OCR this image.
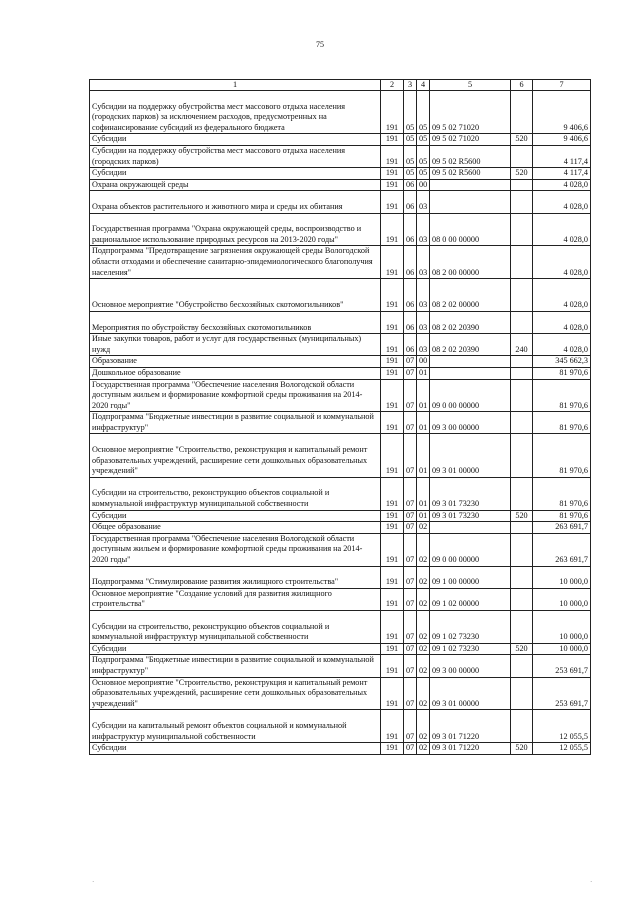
75
1	2	3	4	5	6	7
Субсидии на поддержку обустройства мест массового отдыха населения (городских парков) за исключением расходов, предусмотренных на софинансирование субсидий из федерального бюджета	191	05	05	09 5 02 71020		9 406,6
Субсидии	191	05	05	09 5 02 71020	520	9 406,6
Субсидии на поддержку обустройства мест массового отдыха населения (городских парков)	191	05	05	09 5 02 R5600		4 117,4
Субсидии	191	05	05	09 5 02 R5600	520	4 117,4
Охрана окружающей среды	191	06	00			4 028,0
Охрана объектов растительного и животного мира и среды их обитания	191	06	03			4 028,0
Государственная программа "Охрана окружающей среды, воспроизводство и рациональное использование природных ресурсов на 2013-2020 годы"	191	06	03	08 0 00 00000		4 028,0
Подпрограмма "Предотвращение загрязнения окружающей среды Вологодской области отходами и обеспечение санитарно-эпидемиологического благополучия населения"	191	06	03	08 2 00 00000		4 028,0
Основное мероприятие "Обустройство бесхозяйных скотомогильников"	191	06	03	08 2 02 00000		4 028,0
Мероприятия по обустройству бесхозяйных скотомогильников	191	06	03	08 2 02 20390		4 028,0
Иные закупки товаров, работ и услуг для государственных (муниципальных) нужд	191	06	03	08 2 02 20390	240	4 028,0
Образование	191	07	00			345 662,3
Дошкольное образование	191	07	01			81 970,6
Государственная программа "Обеспечение населения Вологодской области доступным жильем и формирование комфортной среды проживания на 2014-2020 годы"	191	07	01	09 0 00 00000		81 970,6
Подпрограмма "Бюджетные инвестиции в развитие социальной и коммунальной инфраструктур"	191	07	01	09 3 00 00000		81 970,6
Основное мероприятие "Строительство, реконструкция и капитальный ремонт образовательных учреждений, расширение сети дошкольных образовательных учреждений"	191	07	01	09 3 01 00000		81 970,6
Субсидии на строительство, реконструкцию объектов социальной и коммунальной инфраструктур муниципальной собственности	191	07	01	09 3 01 73230		81 970,6
Субсидии	191	07	01	09 3 01 73230	520	81 970,6
Общее образование	191	07	02			263 691,7
Государственная программа "Обеспечение населения Вологодской области доступным жильем и формирование комфортной среды проживания на 2014-2020 годы"	191	07	02	09 0 00 00000		263 691,7
Подпрограмма "Стимулирование развития жилищного строительства"	191	07	02	09 1 00 00000		10 000,0
Основное мероприятие "Создание условий для развития жилищного строительства"	191	07	02	09 1 02 00000		10 000,0
Субсидии на строительство, реконструкцию объектов социальной и коммунальной инфраструктур муниципальной собственности	191	07	02	09 1 02 73230		10 000,0
Субсидии	191	07	02	09 1 02 73230	520	10 000,0
Подпрограмма "Бюджетные инвестиции в развитие социальной и коммунальной инфраструктур"	191	07	02	09 3 00 00000		253 691,7
Основное мероприятие "Строительство, реконструкция и капитальный ремонт образовательных учреждений, расширение сети дошкольных образовательных учреждений"	191	07	02	09 3 01 00000		253 691,7
Субсидии на капитальный ремонт объектов социальной и коммунальной инфраструктур муниципальной собственности	191	07	02	09 3 01 71220		12 055,5
Субсидии	191	07	02	09 3 01 71220	520	12 055,5
·	·
